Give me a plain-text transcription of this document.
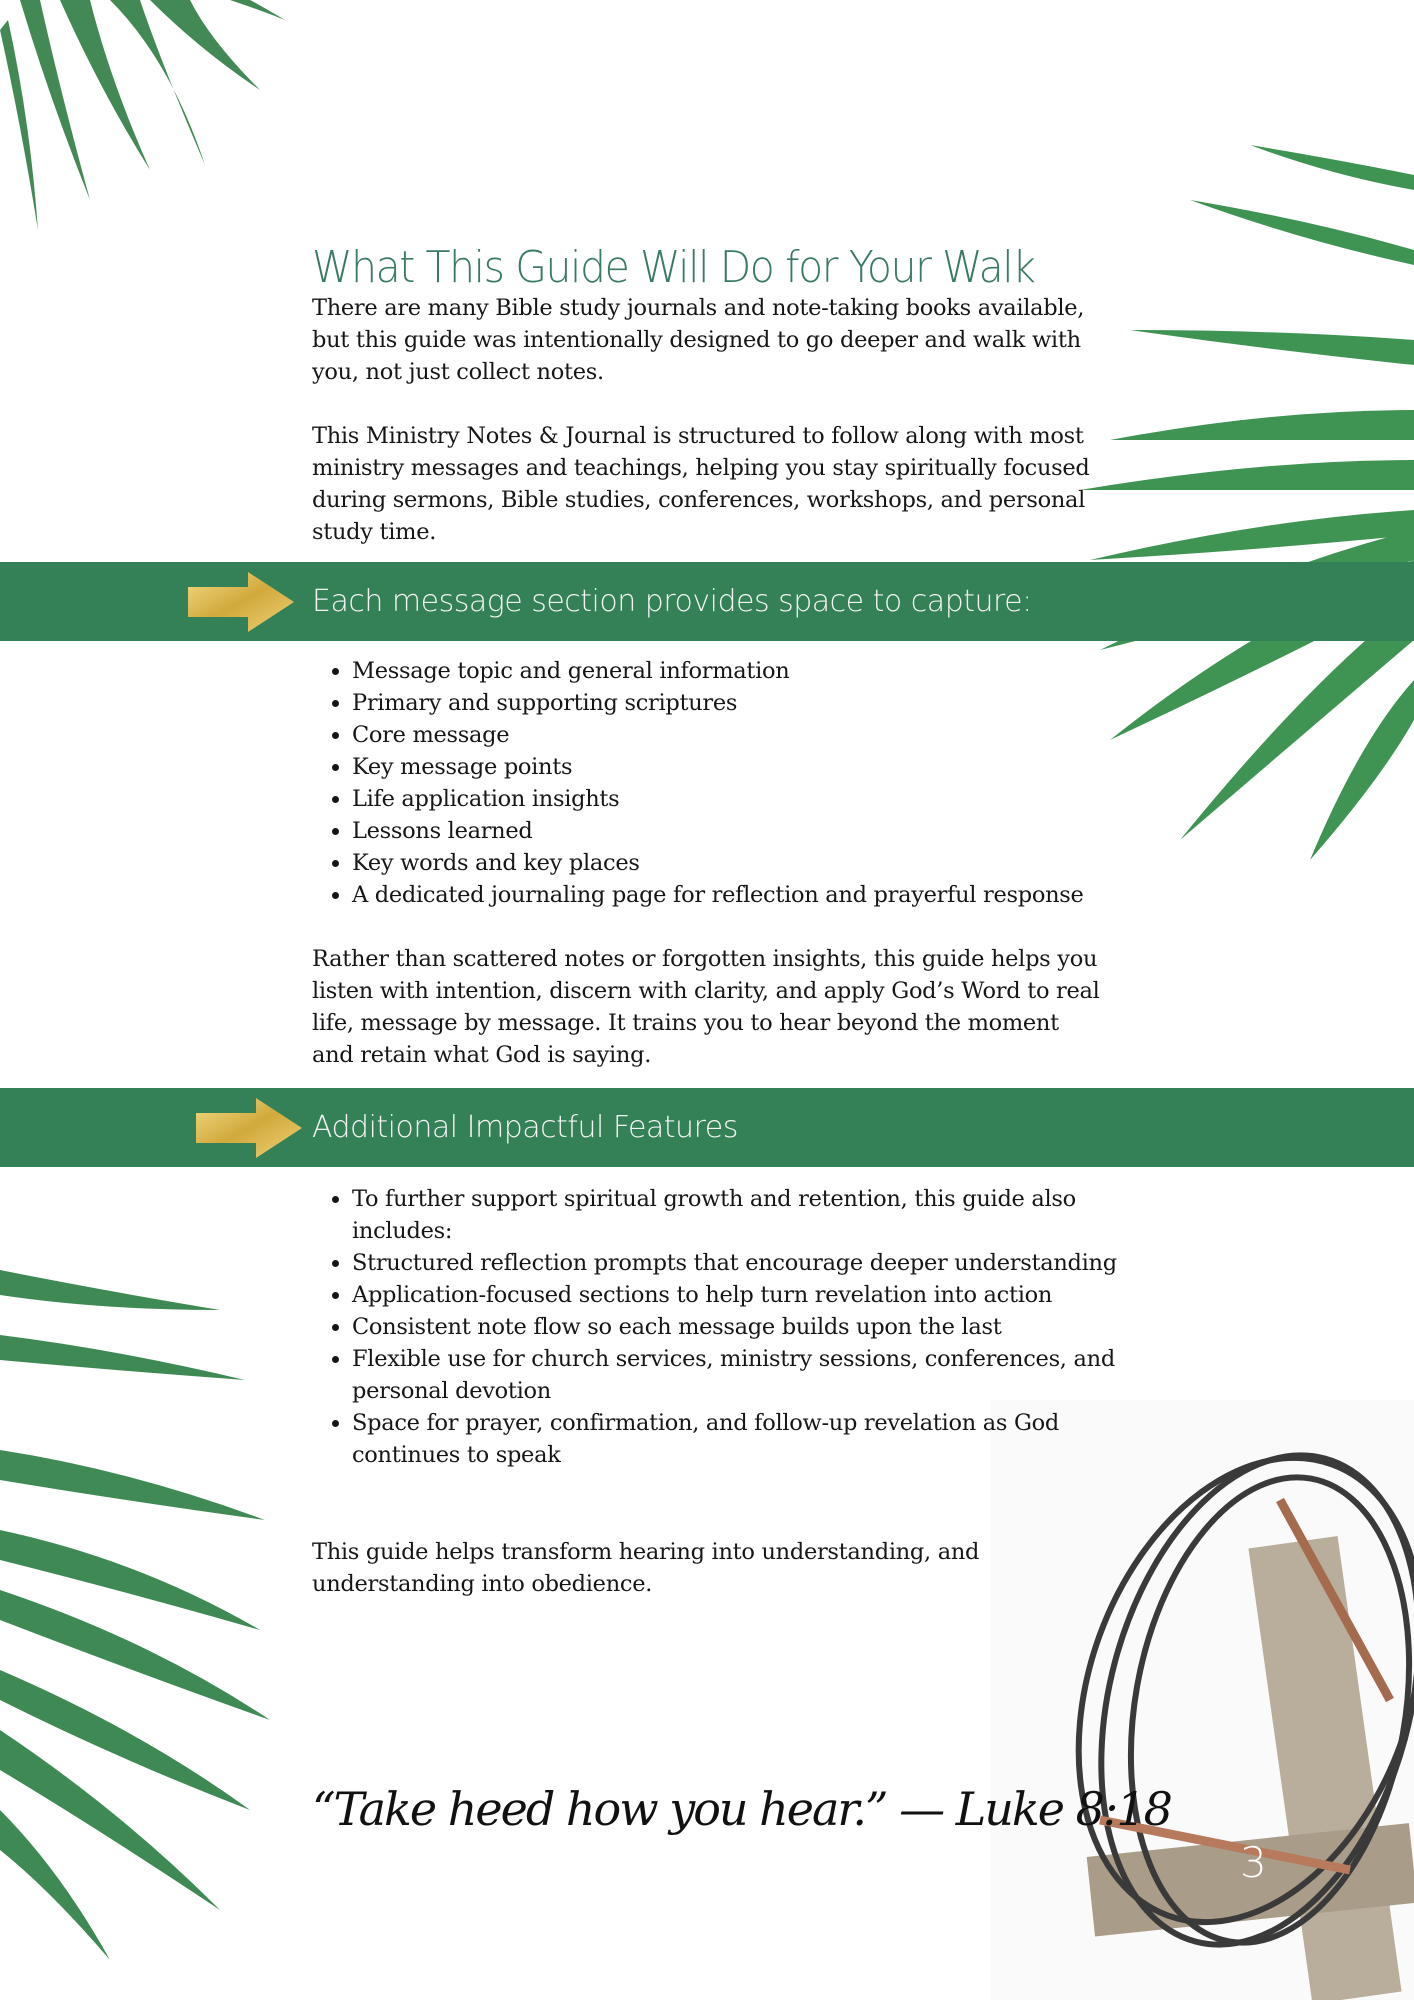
What This Guide Will Do for Your Walk

There are many Bible study journals and note-taking books available, but this guide was intentionally designed to go deeper and walk with you, not just collect notes.

This Ministry Notes & Journal is structured to follow along with most ministry messages and teachings, helping you stay spiritually focused during sermons, Bible studies, conferences, workshops, and personal study time.

Each message section provides space to capture:
• Message topic and general information
• Primary and supporting scriptures
• Core message
• Key message points
• Life application insights
• Lessons learned
• Key words and key places
• A dedicated journaling page for reflection and prayerful response

Rather than scattered notes or forgotten insights, this guide helps you listen with intention, discern with clarity, and apply God’s Word to real life, message by message. It trains you to hear beyond the moment and retain what God is saying.

Additional Impactful Features
• To further support spiritual growth and retention, this guide also includes:
• Structured reflection prompts that encourage deeper understanding
• Application-focused sections to help turn revelation into action
• Consistent note flow so each message builds upon the last
• Flexible use for church services, ministry sessions, conferences, and personal devotion
• Space for prayer, confirmation, and follow-up revelation as God continues to speak

This guide helps transform hearing into understanding, and understanding into obedience.

“Take heed how you hear.” — Luke 8:18
3
